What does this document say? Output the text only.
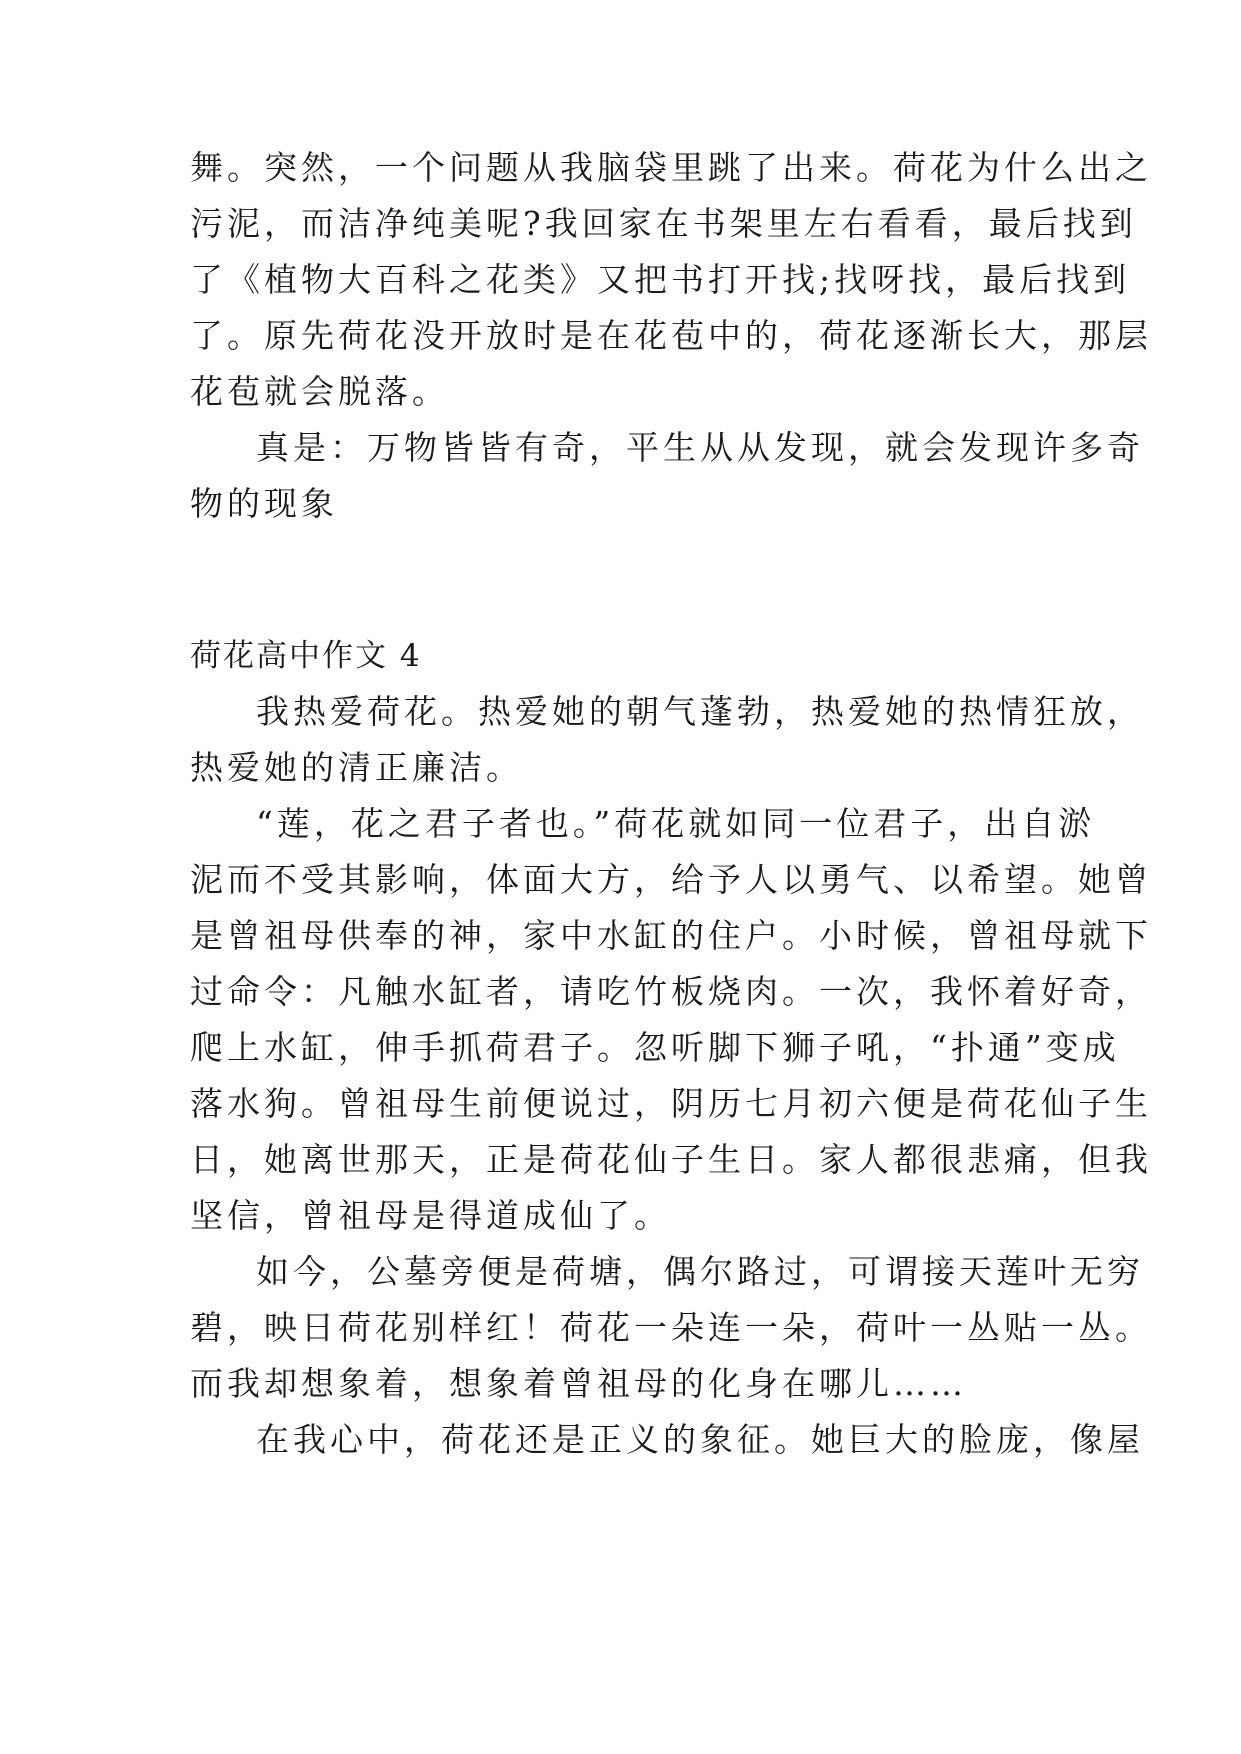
舞。突然，一个问题从我脑袋里跳了出来。荷花为什么出之
污泥，而洁净纯美呢?我回家在书架里左右看看，最后找到
了《植物大百科之花类》又把书打开找;找呀找，最后找到
了。原先荷花没开放时是在花苞中的，荷花逐渐长大，那层
花苞就会脱落。
真是：万物皆皆有奇，平生从从发现，就会发现许多奇
物的现象
荷花高中作文 4
我热爱荷花。热爱她的朝气蓬勃，热爱她的热情狂放，
热爱她的清正廉洁。
“莲，花之君子者也。”荷花就如同一位君子，出自淤
泥而不受其影响，体面大方，给予人以勇气、以希望。她曾
是曾祖母供奉的神，家中水缸的住户。小时候，曾祖母就下
过命令：凡触水缸者，请吃竹板烧肉。一次，我怀着好奇，
爬上水缸，伸手抓荷君子。忽听脚下狮子吼，“扑通”变成
落水狗。曾祖母生前便说过，阴历七月初六便是荷花仙子生
日，她离世那天，正是荷花仙子生日。家人都很悲痛，但我
坚信，曾祖母是得道成仙了。
如今，公墓旁便是荷塘，偶尔路过，可谓接天莲叶无穷
碧，映日荷花别样红！荷花一朵连一朵，荷叶一丛贴一丛。
而我却想象着，想象着曾祖母的化身在哪儿……
在我心中，荷花还是正义的象征。她巨大的脸庞，像屋
